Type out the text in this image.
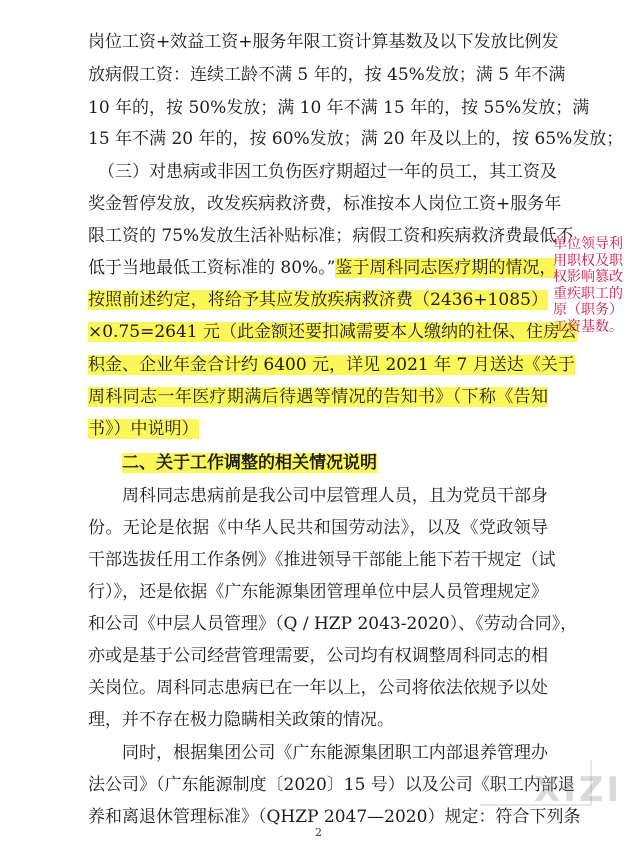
岗位工资+效益工资+服务年限工资计算基数及以下发放比例发
放病假工资：连续工龄不满 5 年的，按 45%发放；满 5 年不满
10 年的，按 50%发放；满 10 年不满 15 年的，按 55%发放；满
15 年不满 20 年的，按 60%发放；满 20 年及以上的，按 65%发放；
（三）对患病或非因工负伤医疗期超过一年的员工，其工资及
奖金暂停发放，改发疾病救济费，标准按本人岗位工资+服务年
限工资的 75%发放生活补贴标准；病假工资和疾病救济费最低不
低于当地最低工资标准的 80%。”鉴于周科同志医疗期的情况，
按照前述约定，将给予其应发放疾病救济费（2436+1085）
×0.75=2641 元（此金额还要扣减需要本人缴纳的社保、住房公
积金、企业年金合计约 6400 元，详见 2021 年 7 月送达《关于
周科同志一年医疗期满后待遇等情况的告知书》（下称《告知
书》）中说明）
二、关于工作调整的相关情况说明
周科同志患病前是我公司中层管理人员，且为党员干部身
份。无论是依据《中华人民共和国劳动法》，以及《党政领导
干部选拔任用工作条例》《推进领导干部能上能下若干规定（试
行）》，还是依据《广东能源集团管理单位中层人员管理规定》
和公司《中层人员管理》（Q / HZP 2043-2020）、《劳动合同》，
亦或是基于公司经营管理需要，公司均有权调整周科同志的相
关岗位。周科同志患病已在一年以上，公司将依法依规予以处
理，并不存在极力隐瞒相关政策的情况。
同时，根据集团公司《广东能源集团职工内部退养管理办
法公司》（广东能源制度〔2020〕15 号）以及公司《职工内部退
养和离退休管理标准》（QHZP 2047—2020）规定：符合下列条
单位领导利用职权及职权影响篡改重疾职工的原（职务）工资基数。
2
XIZI
